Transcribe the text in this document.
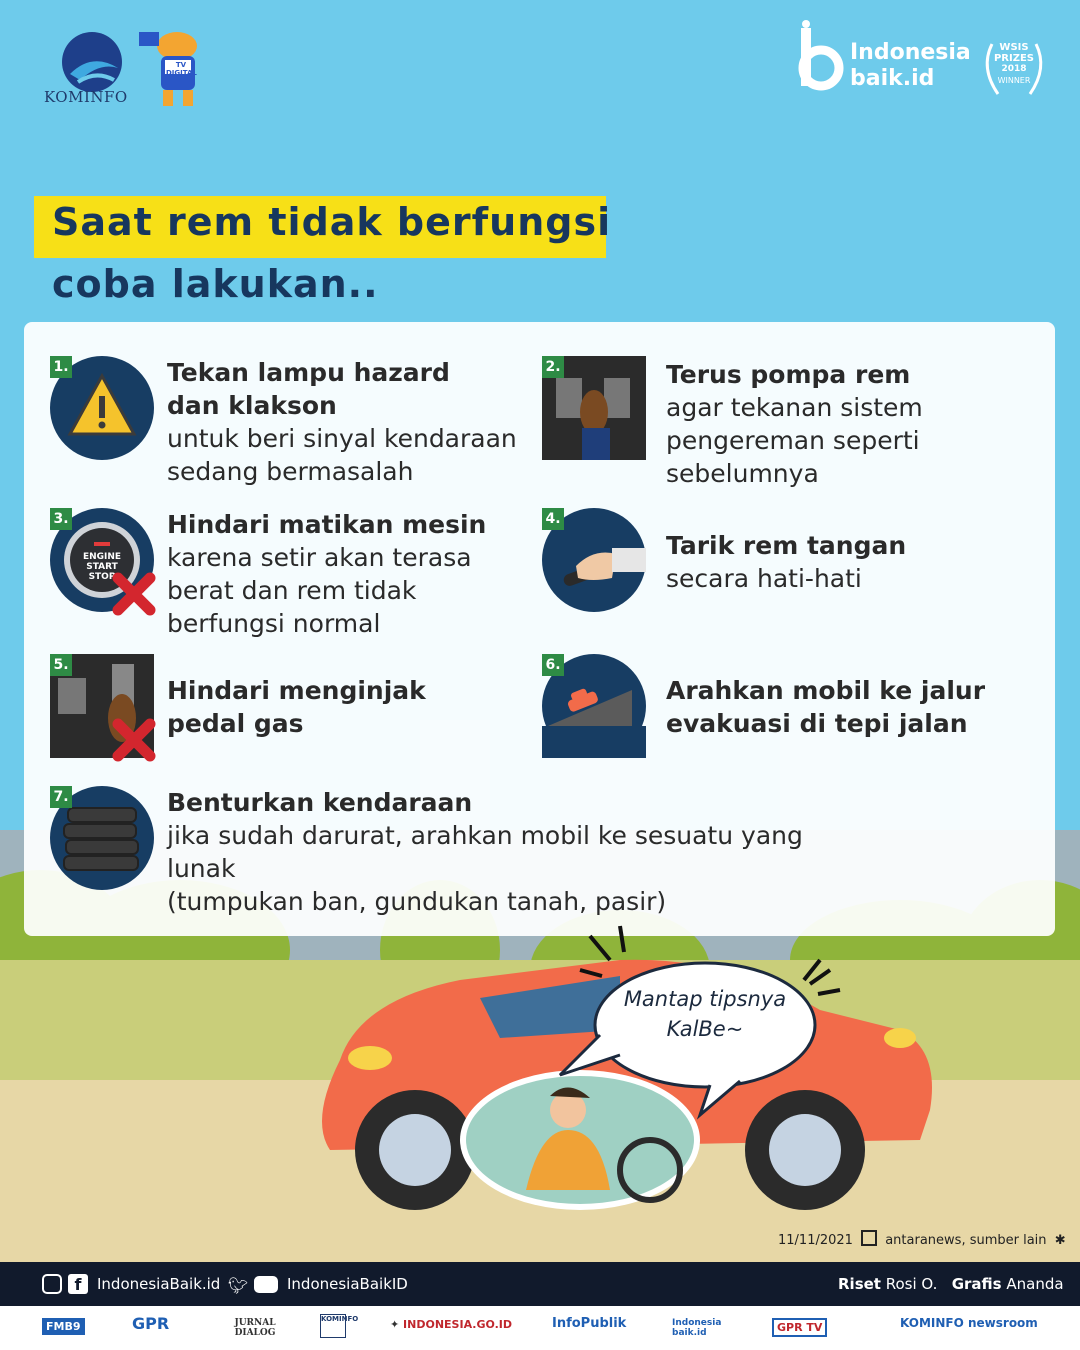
KOMINFO
TV DIGITAL
Indonesia
baik.id
WSIS
PRIZES
2018
WINNER
Saat rem tidak berfungsi
coba lakukan..
1.	Tekan lampu hazard
dan klakson
untuk beri sinyal kendaraan
sedang bermasalah
2.	Terus pompa rem
agar tekanan sistem
pengereman seperti
sebelumnya
ENGINE
START
STOP
3.	Hindari matikan mesin
karena setir akan terasa
berat dan rem tidak
berfungsi normal
4.
Tarik rem tangan
secara hati-hati
5.
Hindari menginjak
pedal gas
6.
Arahkan mobil ke jalur
evakuasi di tepi jalan
7.	Benturkan kendaraan
jika sudah darurat, arahkan mobil ke sesuatu yang lunak
(tumpukan ban, gundukan tanah, pasir)
Mantap tipsnya
KalBe~
11/11/2021 antaranews, sumber lain ✱
f	IndonesiaBaik.id 🐦︎	IndonesiaBaikID	Riset Rosi O. Grafis Ananda
FMB9	GPR	JURNAL DIALOG
KOMINFO	✦ INDONESIA.GO.ID	InfoPublik	Indonesia baik.id	GPR TV	KOMINFO newsroom
